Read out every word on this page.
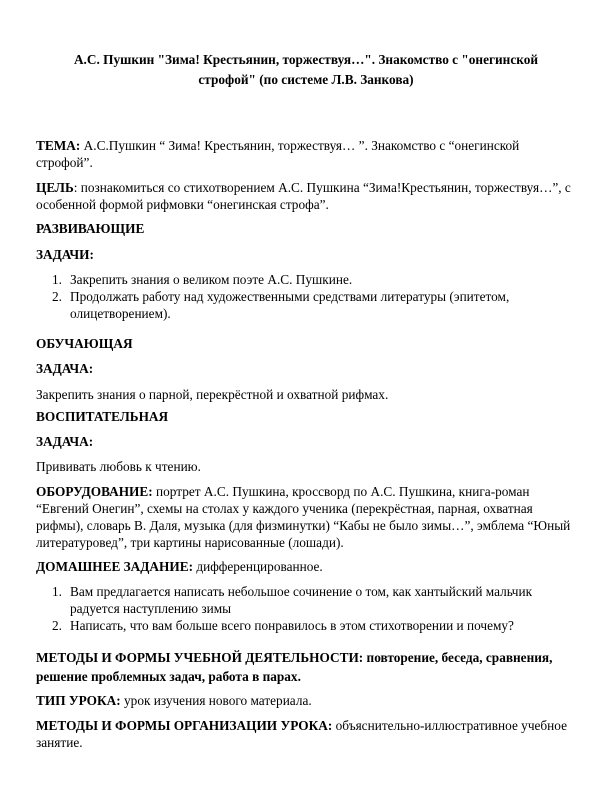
А.С. Пушкин "Зима! Крестьянин, торжествуя…". Знакомство с "онегинской
строфой" (по системе Л.В. Занкова)
ТЕМА: А.С.Пушкин “ Зима! Крестьянин, торжествуя… ”. Знакомство с “онегинской строфой”.
ЦЕЛЬ: познакомиться со стихотворением А.С. Пушкина “Зима!Крестьянин, торжествуя…”, с особенной формой рифмовки “онегинская строфа”.
РАЗВИВАЮЩИЕ
ЗАДАЧИ:
1. Закрепить знания о великом поэте А.С. Пушкине.
2. Продолжать работу над художественными средствами литературы (эпитетом, олицетворением).
ОБУЧАЮЩАЯ
ЗАДАЧА:
Закрепить знания о парной, перекрёстной и охватной рифмах.
ВОСПИТАТЕЛЬНАЯ
ЗАДАЧА:
Прививать любовь к чтению.
ОБОРУДОВАНИЕ: портрет А.С. Пушкина, кроссворд по А.С. Пушкина, книга-роман “Евгений Онегин”, схемы на столах у каждого ученика (перекрёстная, парная, охватная рифмы), словарь В. Даля, музыка (для физминутки) “Кабы не было зимы…”, эмблема “Юный литературовед”, три картины нарисованные (лошади).
ДОМАШНЕЕ ЗАДАНИЕ: дифференцированное.
1. Вам предлагается написать небольшое сочинение о том, как хантыйский мальчик радуется наступлению зимы
2. Написать, что вам больше всего понравилось в этом стихотворении и почему?
МЕТОДЫ И ФОРМЫ УЧЕБНОЙ ДЕЯТЕЛЬНОСТИ: повторение, беседа, сравнения, решение проблемных задач, работа в парах.
ТИП УРОКА: урок изучения нового материала.
МЕТОДЫ И ФОРМЫ ОРГАНИЗАЦИИ УРОКА: объяснительно-иллюстративное учебное занятие.
